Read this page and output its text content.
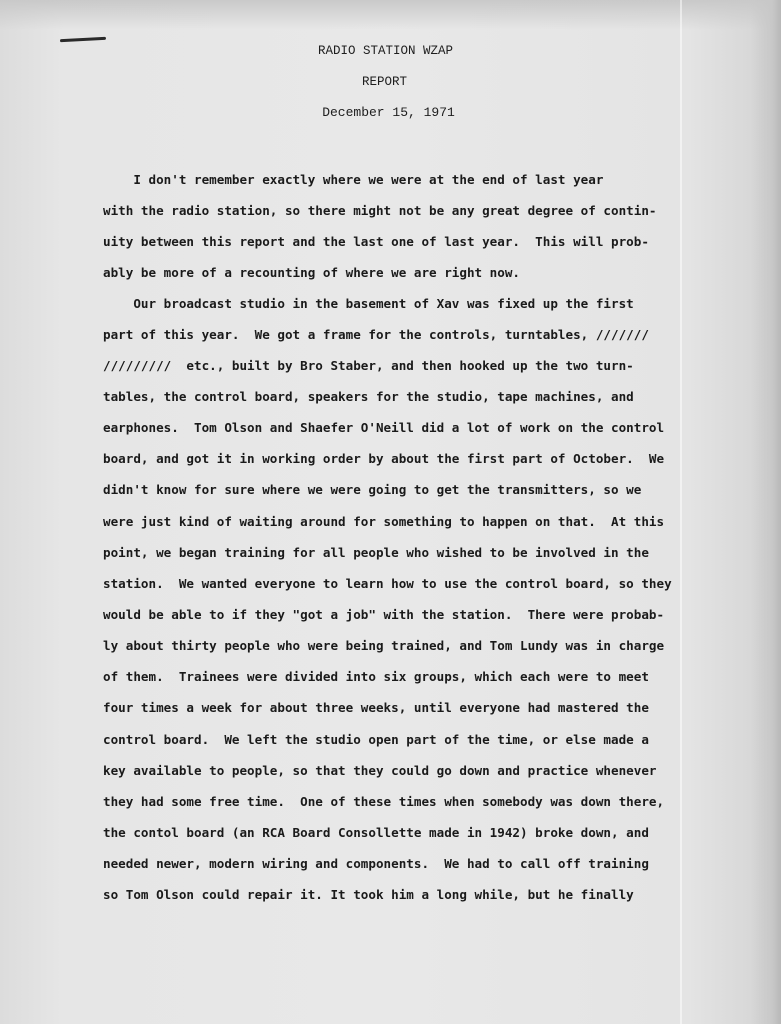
RADIO STATION WZAP
REPORT
December 15, 1971
I don't remember exactly where we were at the end of last year
with the radio station, so there might not be any great degree of contin-
uity between this report and the last one of last year.  This will prob-
ably be more of a recounting of where we are right now.
Our broadcast studio in the basement of Xav was fixed up the first
part of this year.  We got a frame for the controls, turntables, ///////
/////////  etc., built by Bro Staber, and then hooked up the two turn-
tables, the control board, speakers for the studio, tape machines, and
earphones.  Tom Olson and Shaefer O'Neill did a lot of work on the control
board, and got it in working order by about the first part of October.  We
didn't know for sure where we were going to get the transmitters, so we
were just kind of waiting around for something to happen on that.  At this
point, we began training for all people who wished to be involved in the
station.  We wanted everyone to learn how to use the control board, so they
would be able to if they "got a job" with the station.  There were probab-
ly about thirty people who were being trained, and Tom Lundy was in charge
of them.  Trainees were divided into six groups, which each were to meet
four times a week for about three weeks, until everyone had mastered the
control board.  We left the studio open part of the time, or else made a
key available to people, so that they could go down and practice whenever
they had some free time.  One of these times when somebody was down there,
the contol board (an RCA Board Consollette made in 1942) broke down, and
needed newer, modern wiring and components.  We had to call off training
so Tom Olson could repair it. It took him a long while, but he finally
